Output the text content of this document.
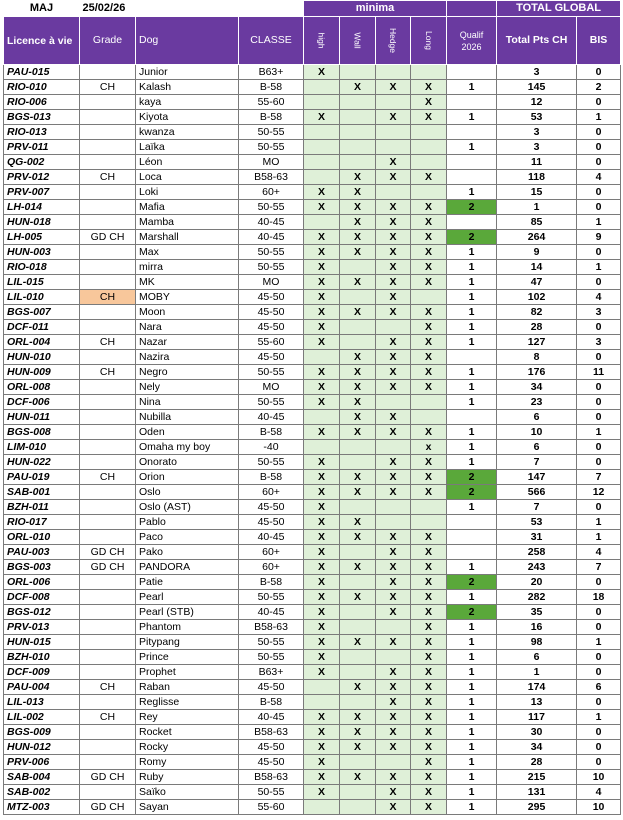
MAJ	25/02/26			minima					TOTAL GLOBAL	
Licence à vie	Grade	Dog	CLASSE	high	Wall	Hedge	Long	Qualif 2026	Total Pts CH	BIS
PAU-015		Junior	B63+	X					3	0
RIO-010	CH	Kalash	B-58		X	X	X	1	145	2
RIO-006		kaya	55-60				X		12	0
BGS-013		Kiyota	B-58	X		X	X	1	53	1
RIO-013		kwanza	50-55						3	0
PRV-011		Laïka	50-55					1	3	0
QG-002		Léon	MO			X			11	0
PRV-012	CH	Loca	B58-63		X	X	X		118	4
PRV-007		Loki	60+	X	X			1	15	0
LH-014		Mafia	50-55	X	X	X	X	2	1	0
HUN-018		Mamba	40-45		X	X	X		85	1
LH-005	GD CH	Marshall	40-45	X	X	X	X	2	264	9
HUN-003		Max	50-55	X	X	X	X	1	9	0
RIO-018		mirra	50-55	X		X	X	1	14	1
LIL-015		MK	MO	X	X	X	X	1	47	0
LIL-010	CH	MOBY	45-50	X		X		1	102	4
BGS-007		Moon	45-50	X	X	X	X	1	82	3
DCF-011		Nara	45-50	X			X	1	28	0
ORL-004	CH	Nazar	55-60	X		X	X	1	127	3
HUN-010		Nazira	45-50		X	X	X		8	0
HUN-009	CH	Negro	50-55	X	X	X	X	1	176	11
ORL-008		Nely	MO	X	X	X	X	1	34	0
DCF-006		Nina	50-55	X	X			1	23	0
HUN-011		Nubilla	40-45		X	X			6	0
BGS-008		Oden	B-58	X	X	X	X	1	10	1
LIM-010		Omaha my boy	-40				x	1	6	0
HUN-022		Onorato	50-55	X		X	X	1	7	0
PAU-019	CH	Orion	B-58	X	X	X	X	2	147	7
SAB-001		Oslo	60+	X	X	X	X	2	566	12
BZH-011		Oslo (AST)	45-50	X				1	7	0
RIO-017		Pablo	45-50	X	X				53	1
ORL-010		Paco	40-45	X	X	X	X		31	1
PAU-003	GD CH	Pako	60+	X		X	X		258	4
BGS-003	GD CH	PANDORA	60+	X	X	X	X	1	243	7
ORL-006		Patie	B-58	X		X	X	2	20	0
DCF-008		Pearl	50-55	X	X	X	X	1	282	18
BGS-012		Pearl (STB)	40-45	X		X	X	2	35	0
PRV-013		Phantom	B58-63	X			X	1	16	0
HUN-015		Pitypang	50-55	X	X	X	X	1	98	1
BZH-010		Prince	50-55	X			X	1	6	0
DCF-009		Prophet	B63+	X		X	X	1	1	0
PAU-004	CH	Raban	45-50		X	X	X	1	174	6
LIL-013		Reglisse	B-58			X	X	1	13	0
LIL-002	CH	Rey	40-45	X	X	X	X	1	117	1
BGS-009		Rocket	B58-63	X	X	X	X	1	30	0
HUN-012		Rocky	45-50	X	X	X	X	1	34	0
PRV-006		Romy	45-50	X			X	1	28	0
SAB-004	GD CH	Ruby	B58-63	X	X	X	X	1	215	10
SAB-002		Saïko	50-55	X		X	X	1	131	4
MTZ-003	GD CH	Sayan	55-60			X	X	1	295	10
